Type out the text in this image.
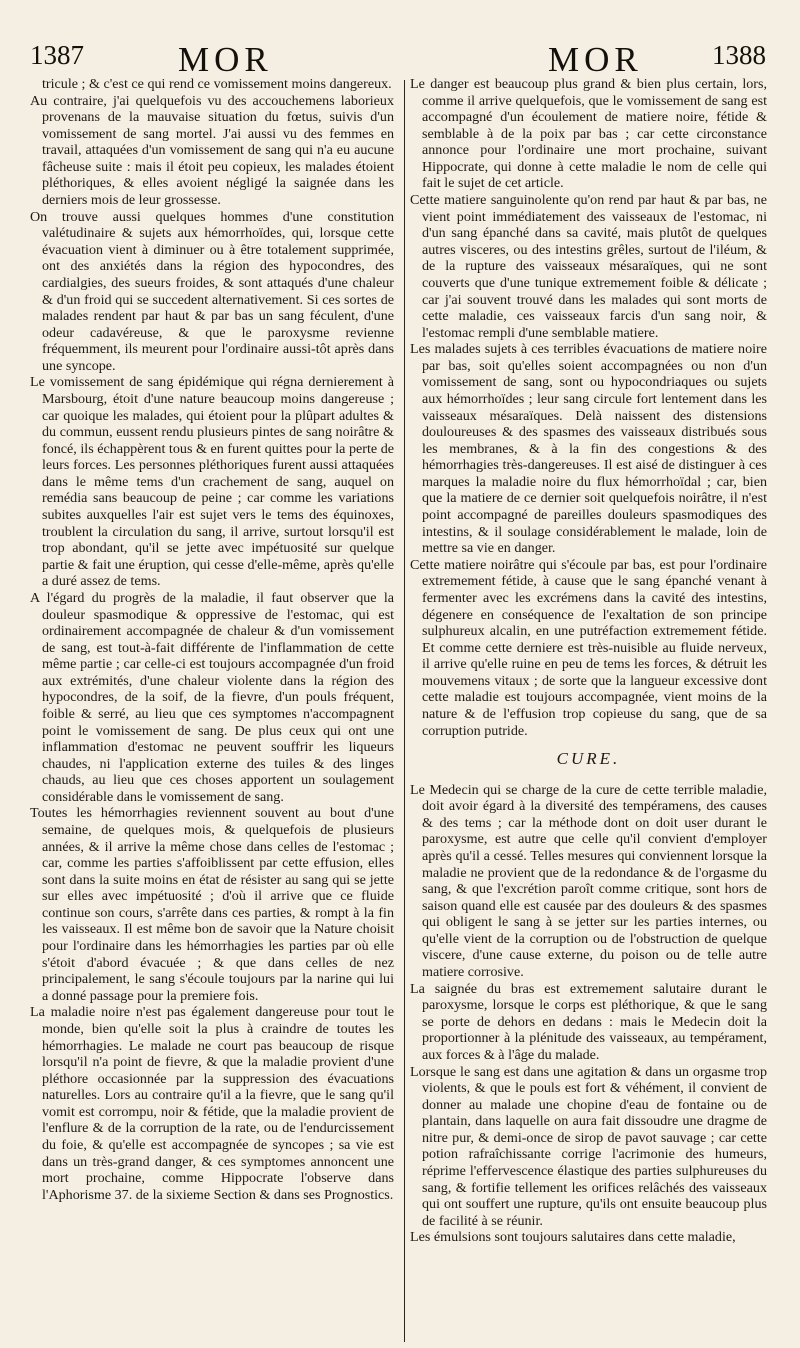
1387	MOR	MOR	1388

tricule ; & c'est ce qui rend ce vomissement moins dangereux.

Au contraire, j'ai quelquefois vu des accouchemens laborieux provenans de la mauvaise situation du fœtus, suivis d'un vomissement de sang mortel. J'ai aussi vu des femmes en travail, attaquées d'un vomissement de sang qui n'a eu aucune fâcheuse suite : mais il étoit peu copieux, les malades étoient pléthoriques, & elles avoient négligé la saignée dans les derniers mois de leur grossesse.

On trouve aussi quelques hommes d'une constitution valétudinaire & sujets aux hémorrhoïdes, qui, lorsque cette évacuation vient à diminuer ou à être totalement supprimée, ont des anxiétés dans la région des hypocondres, des cardialgies, des sueurs froides, & sont attaqués d'une chaleur & d'un froid qui se succedent alternativement. Si ces sortes de malades rendent par haut & par bas un sang féculent, d'une odeur cadavéreuse, & que le paroxysme revienne fréquemment, ils meurent pour l'ordinaire aussi-tôt après dans une syncope.

Le vomissement de sang épidémique qui régna dernierement à Marsbourg, étoit d'une nature beaucoup moins dangereuse ; car quoique les malades, qui étoient pour la plûpart adultes & du commun, eussent rendu plusieurs pintes de sang noirâtre & foncé, ils échappèrent tous & en furent quittes pour la perte de leurs forces. Les personnes pléthoriques furent aussi attaquées dans le même tems d'un crachement de sang, auquel on remédia sans beaucoup de peine ; car comme les variations subites auxquelles l'air est sujet vers le tems des équinoxes, troublent la circulation du sang, il arrive, surtout lorsqu'il est trop abondant, qu'il se jette avec impétuosité sur quelque partie & fait une éruption, qui cesse d'elle-même, après qu'elle a duré assez de tems.

A l'égard du progrès de la maladie, il faut observer que la douleur spasmodique & oppressive de l'estomac, qui est ordinairement accompagnée de chaleur & d'un vomissement de sang, est tout-à-fait différente de l'inflammation de cette même partie ; car celle-ci est toujours accompagnée d'un froid aux extrémités, d'une chaleur violente dans la région des hypocondres, de la soif, de la fievre, d'un pouls fréquent, foible & serré, au lieu que ces symptomes n'accompagnent point le vomissement de sang. De plus ceux qui ont une inflammation d'estomac ne peuvent souffrir les liqueurs chaudes, ni l'application externe des tuiles & des linges chauds, au lieu que ces choses apportent un soulagement considérable dans le vomissement de sang.

Toutes les hémorrhagies reviennent souvent au bout d'une semaine, de quelques mois, & quelquefois de plusieurs années, & il arrive la même chose dans celles de l'estomac ; car, comme les parties s'affoiblissent par cette effusion, elles sont dans la suite moins en état de résister au sang qui se jette sur elles avec impétuosité ; d'où il arrive que ce fluide continue son cours, s'arrête dans ces parties, & rompt à la fin les vaisseaux. Il est même bon de savoir que la Nature choisit pour l'ordinaire dans les hémorrhagies les parties par où elle s'étoit d'abord évacuée ; & que dans celles de nez principalement, le sang s'écoule toujours par la narine qui lui a donné passage pour la premiere fois.

La maladie noire n'est pas également dangereuse pour tout le monde, bien qu'elle soit la plus à craindre de toutes les hémorrhagies. Le malade ne court pas beaucoup de risque lorsqu'il n'a point de fievre, & que la maladie provient d'une pléthore occasionnée par la suppression des évacuations naturelles. Lors au contraire qu'il a la fievre, que le sang qu'il vomit est corrompu, noir & fétide, que la maladie provient de l'enflure & de la corruption de la rate, ou de l'endurcissement du foie, & qu'elle est accompagnée de syncopes ; sa vie est dans un très-grand danger, & ces symptomes annoncent une mort prochaine, comme Hippocrate l'observe dans l'Aphorisme 37. de la sixieme Section & dans ses Prognostics.

Le danger est beaucoup plus grand & bien plus certain, lors, comme il arrive quelquefois, que le vomissement de sang est accompagné d'un écoulement de matiere noire, fétide & semblable à de la poix par bas ; car cette circonstance annonce pour l'ordinaire une mort prochaine, suivant Hippocrate, qui donne à cette maladie le nom de celle qui fait le sujet de cet article.

Cette matiere sanguinolente qu'on rend par haut & par bas, ne vient point immédiatement des vaisseaux de l'estomac, ni d'un sang épanché dans sa cavité, mais plutôt de quelques autres visceres, ou des intestins grêles, surtout de l'iléum, & de la rupture des vaisseaux mésaraïques, qui ne sont couverts que d'une tunique extremement foible & délicate ; car j'ai souvent trouvé dans les malades qui sont morts de cette maladie, ces vaisseaux farcis d'un sang noir, & l'estomac rempli d'une semblable matiere.

Les malades sujets à ces terribles évacuations de matiere noire par bas, soit qu'elles soient accompagnées ou non d'un vomissement de sang, sont ou hypocondriaques ou sujets aux hémorrhoïdes ; leur sang circule fort lentement dans les vaisseaux mésaraïques. Delà naissent des distensions douloureuses & des spasmes des vaisseaux distribués sous les membranes, & à la fin des congestions & des hémorrhagies très-dangereuses. Il est aisé de distinguer à ces marques la maladie noire du flux hémorrhoïdal ; car, bien que la matiere de ce dernier soit quelquefois noirâtre, il n'est point accompagné de pareilles douleurs spasmodiques des intestins, & il soulage considérablement le malade, loin de mettre sa vie en danger.

Cette matiere noirâtre qui s'écoule par bas, est pour l'ordinaire extremement fétide, à cause que le sang épanché venant à fermenter avec les excrémens dans la cavité des intestins, dégenere en conséquence de l'exaltation de son principe sulphureux alcalin, en une putréfaction extremement fétide. Et comme cette derniere est très-nuisible au fluide nerveux, il arrive qu'elle ruine en peu de tems les forces, & détruit les mouvemens vitaux ; de sorte que la langueur excessive dont cette maladie est toujours accompagnée, vient moins de la nature & de l'effusion trop copieuse du sang, que de sa corruption putride.

CURE.

Le Medecin qui se charge de la cure de cette terrible maladie, doit avoir égard à la diversité des tempéramens, des causes & des tems ; car la méthode dont on doit user durant le paroxysme, est autre que celle qu'il convient d'employer après qu'il a cessé. Telles mesures qui conviennent lorsque la maladie ne provient que de la redondance & de l'orgasme du sang, & que l'excrétion paroît comme critique, sont hors de saison quand elle est causée par des douleurs & des spasmes qui obligent le sang à se jetter sur les parties internes, ou qu'elle vient de la corruption ou de l'obstruction de quelque viscere, d'une cause externe, du poison ou de telle autre matiere corrosive.

La saignée du bras est extremement salutaire durant le paroxysme, lorsque le corps est pléthorique, & que le sang se porte de dehors en dedans : mais le Medecin doit la proportionner à la plénitude des vaisseaux, au tempérament, aux forces & à l'âge du malade.

Lorsque le sang est dans une agitation & dans un orgasme trop violents, & que le pouls est fort & véhément, il convient de donner au malade une chopine d'eau de fontaine ou de plantain, dans laquelle on aura fait dissoudre une dragme de nitre pur, & demi-once de sirop de pavot sauvage ; car cette potion rafraîchissante corrige l'acrimonie des humeurs, réprime l'effervescence élastique des parties sulphureuses du sang, & fortifie tellement les orifices relâchés des vaisseaux qui ont souffert une rupture, qu'ils ont ensuite beaucoup plus de facilité à se réunir.

Les émulsions sont toujours salutaires dans cette maladie,
